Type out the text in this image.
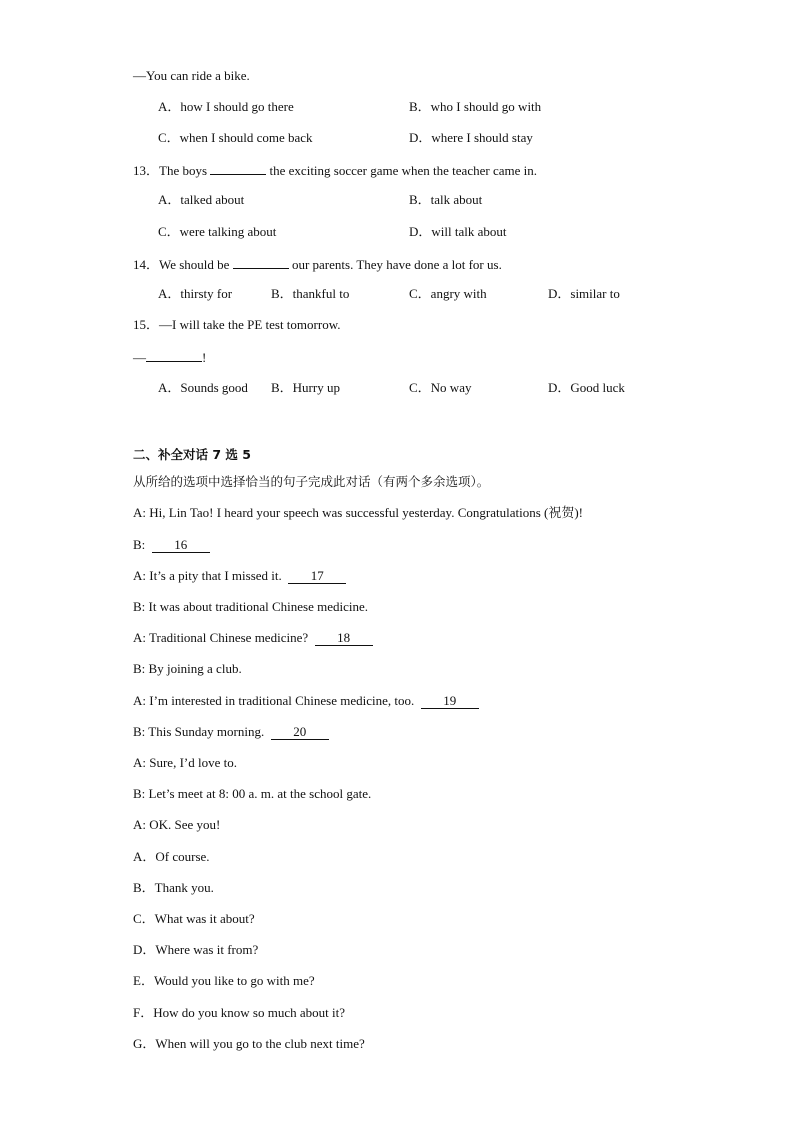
—You can ride a bike.
A．how I should go there	B．who I should go with
C．when I should come back	D．where I should stay
13．The boys	the exciting soccer game when the teacher came in.
A．talked about	B．talk about
C．were talking about	D．will talk about
14．We should be	our parents. They have done a lot for us.
A．thirsty for	B．thankful to	C．angry with	D．similar to
15．—I will take the PE test tomorrow.
—	!
A．Sounds good B．Hurry up	C．No way	D．Good luck
二、补全对话 7 选 5
从所给的选项中选择恰当的句子完成此对话（有两个多余选项）。
A: Hi, Lin Tao! I heard your speech was successful yesterday. Congratulations (祝贺)!
B: 16
A: It’s a pity that I missed it. 17
B: It was about traditional Chinese medicine.
A: Traditional Chinese medicine? 18
B: By joining a club.
A: I’m interested in traditional Chinese medicine, too. 19
B: This Sunday morning. 20
A: Sure, I’d love to.
B: Let’s meet at 8: 00 a. m. at the school gate.
A: OK. See you!
A．Of course.
B．Thank you.
C．What was it about?
D．Where was it from?
E．Would you like to go with me?
F．How do you know so much about it?
G．When will you go to the club next time?
